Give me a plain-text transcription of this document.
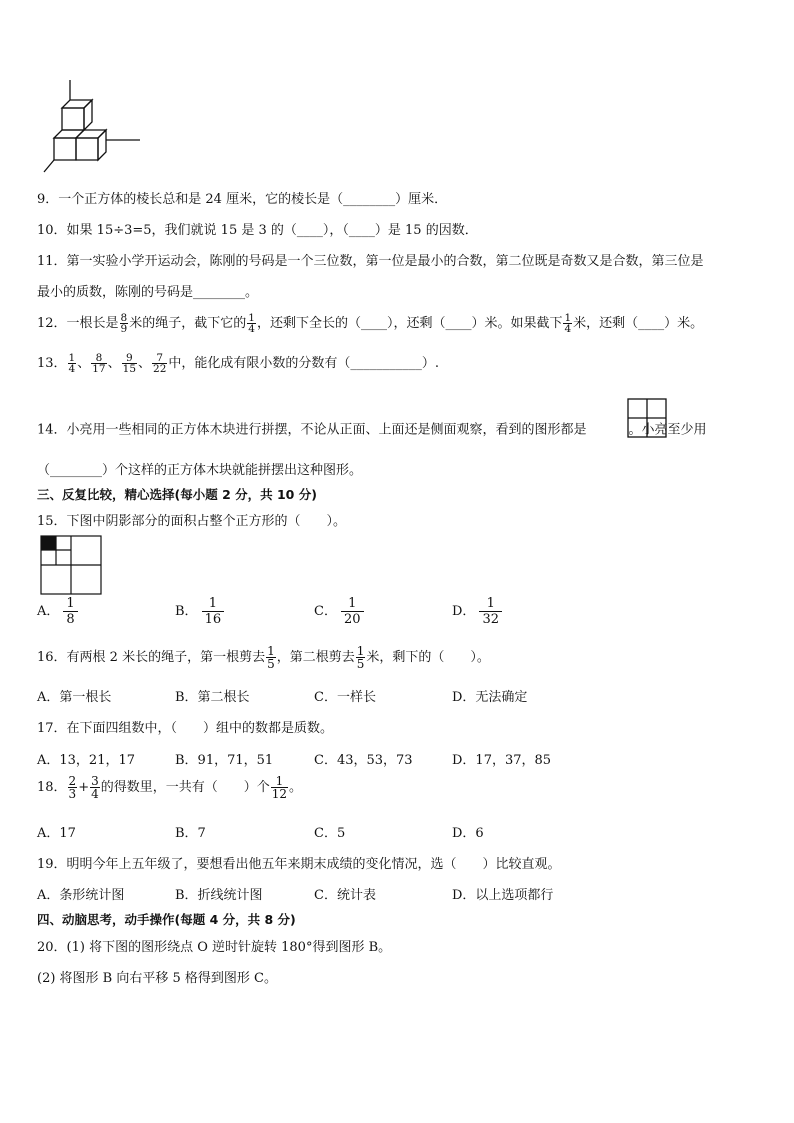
9．一个正方体的棱长总和是 24 厘米，它的棱长是（________）厘米．
10．如果 15÷3=5，我们就说 15 是 3 的（____），（____）是 15 的因数．
11．第一实验小学开运动会，陈刚的号码是一个三位数，第一位是最小的合数，第二位既是奇数又是合数，第三位是
最小的质数，陈刚的号码是________。
12．一根长是 $\frac{8}{9}$ 米的绳子，截下它的 $\frac{1}{4}$ ，还剩下全长的（____），还剩（____）米。如果截下 $\frac{1}{4}$ 米，还剩（____）米。
13． $\frac{1}{4}$ 、 $\frac{8}{17}$ 、 $\frac{9}{15}$ 、 $\frac{7}{22}$ 中，能化成有限小数的分数有（___________）.
14．小亮用一些相同的正方体木块进行拼摆，不论从正面、上面还是侧面观察，看到的图形都是	。小亮至少用
（________）个这样的正方体木块就能拼摆出这种图形。
三、反复比较，精心选择(每小题 2 分，共 10 分)
15．下图中阴影部分的面积占整个正方形的（　　）。
A． $\frac{1}{8}$	B． $\frac{1}{16}$	C． $\frac{1}{20}$	D． $\frac{1}{32}$
16．有两根 2 米长的绳子，第一根剪去 $\frac{1}{5}$ ，第二根剪去 $\frac{1}{5}$ 米，剩下的（　　）。
A．第一根长	B．第二根长	C．一样长	D．无法确定
17．在下面四组数中，（　　）组中的数都是质数。
A．13，21，17	B．91，71，51	C．43，53，73	D．17，37，85
18． $\frac{2}{3} + \frac{3}{4}$ 的得数里，一共有（　　）个 $\frac{1}{12}$ 。
A．17	B．7	C．5	D．6
19．明明今年上五年级了，要想看出他五年来期末成绩的变化情况，选（　　）比较直观。
A．条形统计图	B．折线统计图	C．统计表	D．以上选项都行
四、动脑思考，动手操作(每题 4 分，共 8 分)
20．(1) 将下图的图形绕点 O 逆时针旋转 180°得到图形 B。
(2) 将图形 B 向右平移 5 格得到图形 C。
